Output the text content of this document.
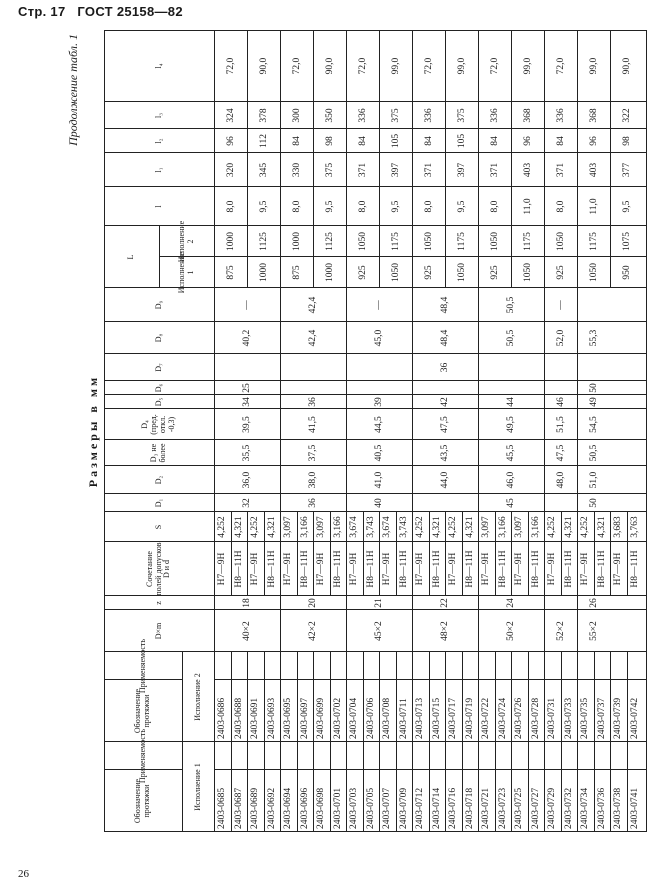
Стр. 17 ГОСТ 25158—82
26
Продолжение табл. 1
Размеры в мм
Обозначение протяжки
Применяемость
Исполнение 1
Исполнение 2
Обозначение протяжки
Применяемость
D×m
z
Сочетание полей допусков D и d
S
D₁
D₂
D₃ не более
D₄ (пред. откл. -0,3)
D₅
D₆
D₇
D₈
D₉
L	Исполнение 1
Исполнение 2
l
l₁
l₂
l₃
l₄
40×2
18
32
36,0
35,5
39,5
34
25
40,2
—
42×2
20
36
38,0
37,5
41,5
36
42,4
42,4
45×2
21
40
41,0
40,5
44,5
39
45,0
—
48×2
22
44,0
43,5
47,5
42
36
48,4
48,4
50×2
24
45
46,0
45,5
49,5
44
50,5
50,5
52×2
48,0
47,5
51,5
46
52,0
—
55×2
26
50
51,0
50,5
54,5
49
50
55,3
875
1000
8,0
320
96
324
72,0
2403-0685
2403-0686
H7—9H
4,252
2403-0687
2403-0688
H8—11H
4,321
1000
1125
9,5
345
112
378
90,0
2403-0689
2403-0691
H7—9H
4,252
2403-0692
2403-0693
H8—11H
4,321
875
1000
8,0
330
84
300
72,0
2403-0694
2403-0695
H7—9H
3,097
2403-0696
2403-0697
H8—11H
3,166
1000
1125
9,5
375
98
350
90,0
2403-0698
2403-0699
H7—9H
3,097
2403-0701
2403-0702
H8—11H
3,166
925
1050
8,0
371
84
336
72,0
2403-0703
2403-0704
H7—9H
3,674
2403-0705
2403-0706
H8—11H
3,743
1050
1175
9,5
397
105
375
99,0
2403-0707
2403-0708
H7—9H
3,674
2403-0709
2403-0711
H8—11H
3,743
925
1050
8,0
371
84
336
72,0
2403-0712
2403-0713
H7—9H
4,252
2403-0714
2403-0715
H8—11H
4,321
1050
1175
9,5
397
105
375
99,0
2403-0716
2403-0717
H7—9H
4,252
2403-0718
2403-0719
H8—11H
4,321
925
1050
8,0
371
84
336
72,0
2403-0721
2403-0722
H7—9H
3,097
2403-0723
2403-0724
H8—11H
3,166
1050
1175
11,0
403
96
368
99,0
2403-0725
2403-0726
H7—9H
3,097
2403-0727
2403-0728
H8—11H
3,166
925
1050
8,0
371
84
336
72,0
2403-0729
2403-0731
H7—9H
4,252
2403-0732
2403-0733
H8—11H
4,321
1050
1175
11,0
403
96
368
99,0
2403-0734
2403-0735
H7—9H
4,252
2403-0736
2403-0737
H8—11H
4,321
950
1075
9,5
377
98
322
90,0
2403-0738
2403-0739
H7—9H
3,683
2403-0741
2403-0742
H8—11H
3,763
